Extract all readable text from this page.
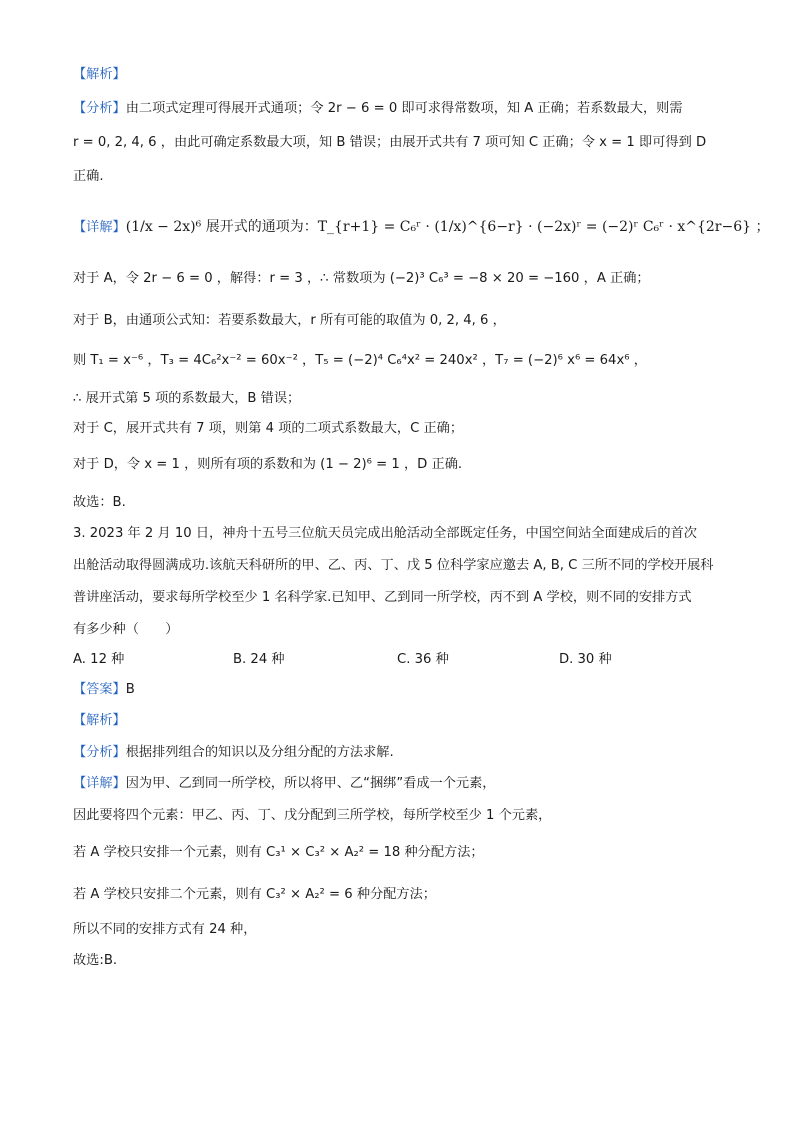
【解析】
【分析】由二项式定理可得展开式通项；令 2r − 6 = 0 即可求得常数项，知 A 正确；若系数最大，则需
r = 0, 2, 4, 6 ，由此可确定系数最大项，知 B 错误；由展开式共有 7 项可知 C 正确；令 x = 1 即可得到 D
正确.
【详解】(1/x − 2x)⁶ 展开式的通项为：T_{r+1} = C₆ʳ · (1/x)^{6−r} · (−2x)ʳ = (−2)ʳ C₆ʳ · x^{2r−6} ；
对于 A，令 2r − 6 = 0 ，解得：r = 3 ，∴ 常数项为 (−2)³ C₆³ = −8 × 20 = −160 ，A 正确；
对于 B，由通项公式知：若要系数最大，r 所有可能的取值为 0, 2, 4, 6 ，
则 T₁ = x⁻⁶ ，T₃ = 4C₆²x⁻² = 60x⁻² ，T₅ = (−2)⁴ C₆⁴x² = 240x² ，T₇ = (−2)⁶ x⁶ = 64x⁶ ，
∴ 展开式第 5 项的系数最大，B 错误；
对于 C，展开式共有 7 项，则第 4 项的二项式系数最大，C 正确；
对于 D，令 x = 1 ，则所有项的系数和为 (1 − 2)⁶ = 1 ，D 正确.
故选：B.
3. 2023 年 2 月 10 日，神舟十五号三位航天员完成出舱活动全部既定任务，中国空间站全面建成后的首次
出舱活动取得圆满成功.该航天科研所的甲、乙、丙、丁、戊 5 位科学家应邀去 A, B, C 三所不同的学校开展科
普讲座活动，要求每所学校至少 1 名科学家.已知甲、乙到同一所学校，丙不到 A 学校，则不同的安排方式
有多少种（　　）
A. 12 种	B. 24 种	C. 36 种	D. 30 种
【答案】B
【解析】
【分析】根据排列组合的知识以及分组分配的方法求解.
【详解】因为甲、乙到同一所学校，所以将甲、乙“捆绑”看成一个元素，
因此要将四个元素：甲乙、丙、丁、戊分配到三所学校，每所学校至少 1 个元素，
若 A 学校只安排一个元素，则有 C₃¹ × C₃² × A₂² = 18 种分配方法；
若 A 学校只安排二个元素，则有 C₃² × A₂² = 6 种分配方法；
所以不同的安排方式有 24 种，
故选:B.
